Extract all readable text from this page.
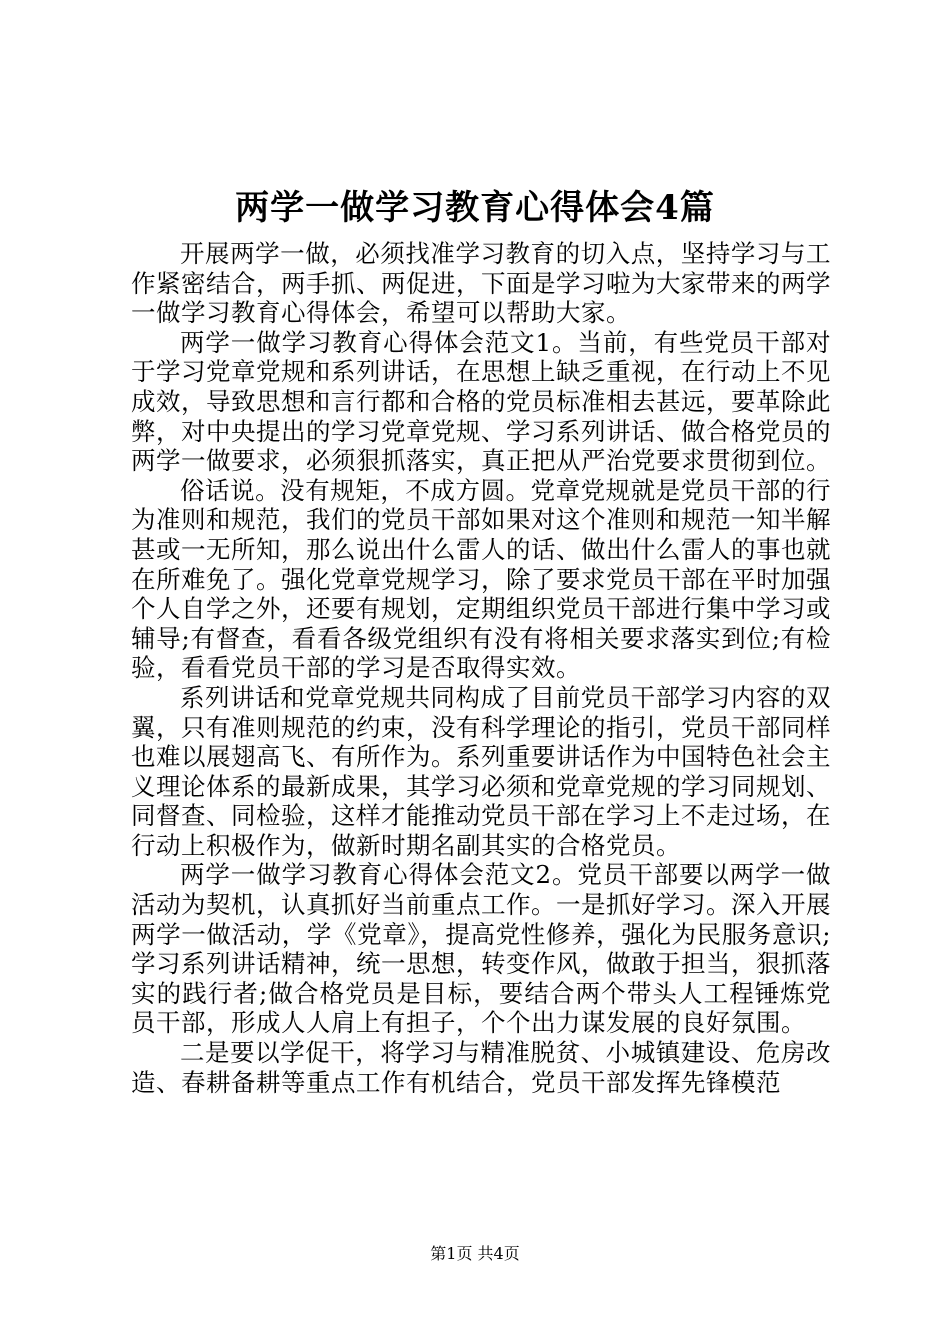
两学一做学习教育心得体会4篇

开展两学一做，必须找准学习教育的切入点，坚持学习与工作紧密结合，两手抓、两促进，下面是学习啦为大家带来的两学一做学习教育心得体会，希望可以帮助大家。

两学一做学习教育心得体会范文1。当前，有些党员干部对于学习党章党规和系列讲话，在思想上缺乏重视，在行动上不见成效，导致思想和言行都和合格的党员标准相去甚远，要革除此弊，对中央提出的学习党章党规、学习系列讲话、做合格党员的两学一做要求，必须狠抓落实，真正把从严治党要求贯彻到位。

俗话说。没有规矩，不成方圆。党章党规就是党员干部的行为准则和规范，我们的党员干部如果对这个准则和规范一知半解甚或一无所知，那么说出什么雷人的话、做出什么雷人的事也就在所难免了。强化党章党规学习，除了要求党员干部在平时加强个人自学之外，还要有规划，定期组织党员干部进行集中学习或辅导;有督查，看看各级党组织有没有将相关要求落实到位;有检验，看看党员干部的学习是否取得实效。

系列讲话和党章党规共同构成了目前党员干部学习内容的双翼，只有准则规范的约束，没有科学理论的指引，党员干部同样也难以展翅高飞、有所作为。系列重要讲话作为中国特色社会主义理论体系的最新成果，其学习必须和党章党规的学习同规划、同督查、同检验，这样才能推动党员干部在学习上不走过场，在行动上积极作为，做新时期名副其实的合格党员。

两学一做学习教育心得体会范文2。党员干部要以两学一做活动为契机，认真抓好当前重点工作。一是抓好学习。深入开展两学一做活动，学《党章》，提高党性修养，强化为民服务意识;学习系列讲话精神，统一思想，转变作风，做敢于担当，狠抓落实的践行者;做合格党员是目标，要结合两个带头人工程锤炼党员干部，形成人人肩上有担子，个个出力谋发展的良好氛围。

二是要以学促干，将学习与精准脱贫、小城镇建设、危房改造、春耕备耕等重点工作有机结合，党员干部发挥先锋模范

第1页 共4页
